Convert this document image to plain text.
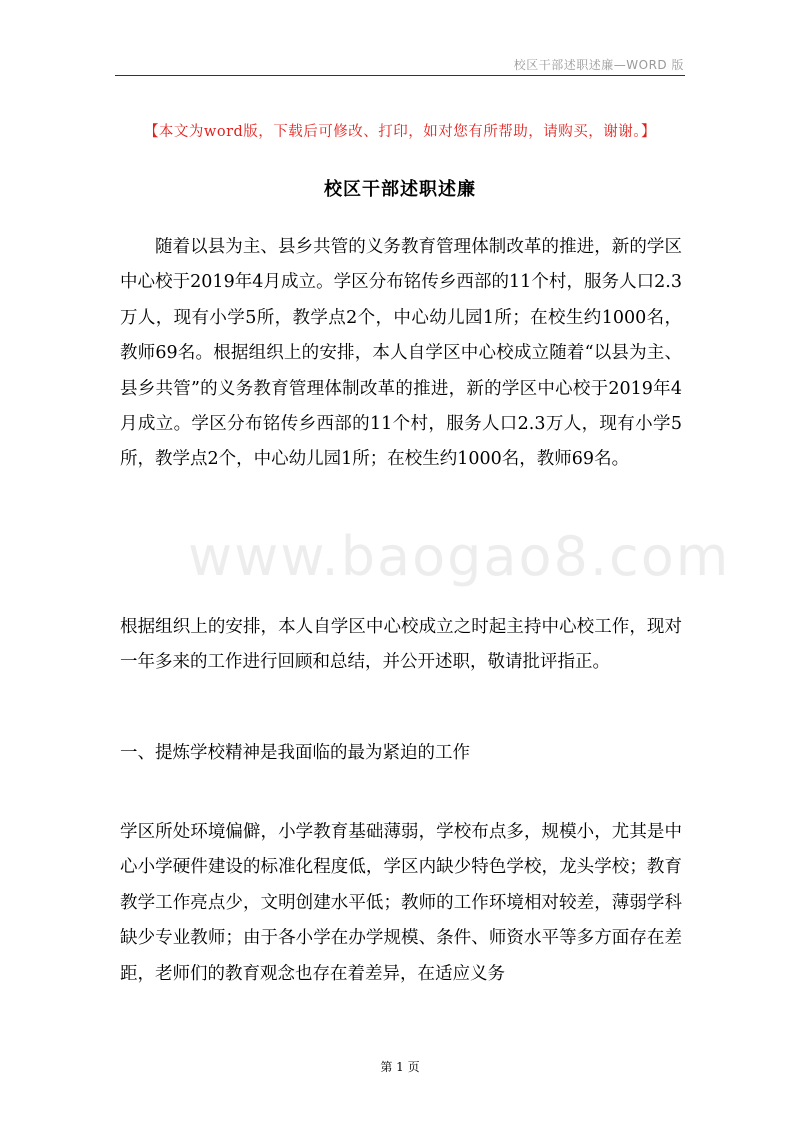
校区干部述职述廉—WORD 版
【本文为word版，下载后可修改、打印，如对您有所帮助，请购买，谢谢。】
校区干部述职述廉

随着以县为主、县乡共管的义务教育管理体制改革的推进，新的学区中心校于2019年4月成立。学区分布铭传乡西部的11个村，服务人口2.3万人，现有小学5所，教学点2个，中心幼儿园1所；在校生约1000名，教师69名。根据组织上的安排，本人自学区中心校成立随着“以县为主、县乡共管”的义务教育管理体制改革的推进，新的学区中心校于2019年4月成立。学区分布铭传乡西部的11个村，服务人口2.3万人，现有小学5所，教学点2个，中心幼儿园1所；在校生约1000名，教师69名。

www.baogao8.com

根据组织上的安排，本人自学区中心校成立之时起主持中心校工作，现对一年多来的工作进行回顾和总结，并公开述职，敬请批评指正。

一、提炼学校精神是我面临的最为紧迫的工作

学区所处环境偏僻，小学教育基础薄弱，学校布点多，规模小，尤其是中心小学硬件建设的标准化程度低，学区内缺少特色学校，龙头学校；教育教学工作亮点少，文明创建水平低；教师的工作环境相对较差，薄弱学科缺少专业教师；由于各小学在办学规模、条件、师资水平等多方面存在差距，老师们的教育观念也存在着差异，在适应义务

第 1 页
